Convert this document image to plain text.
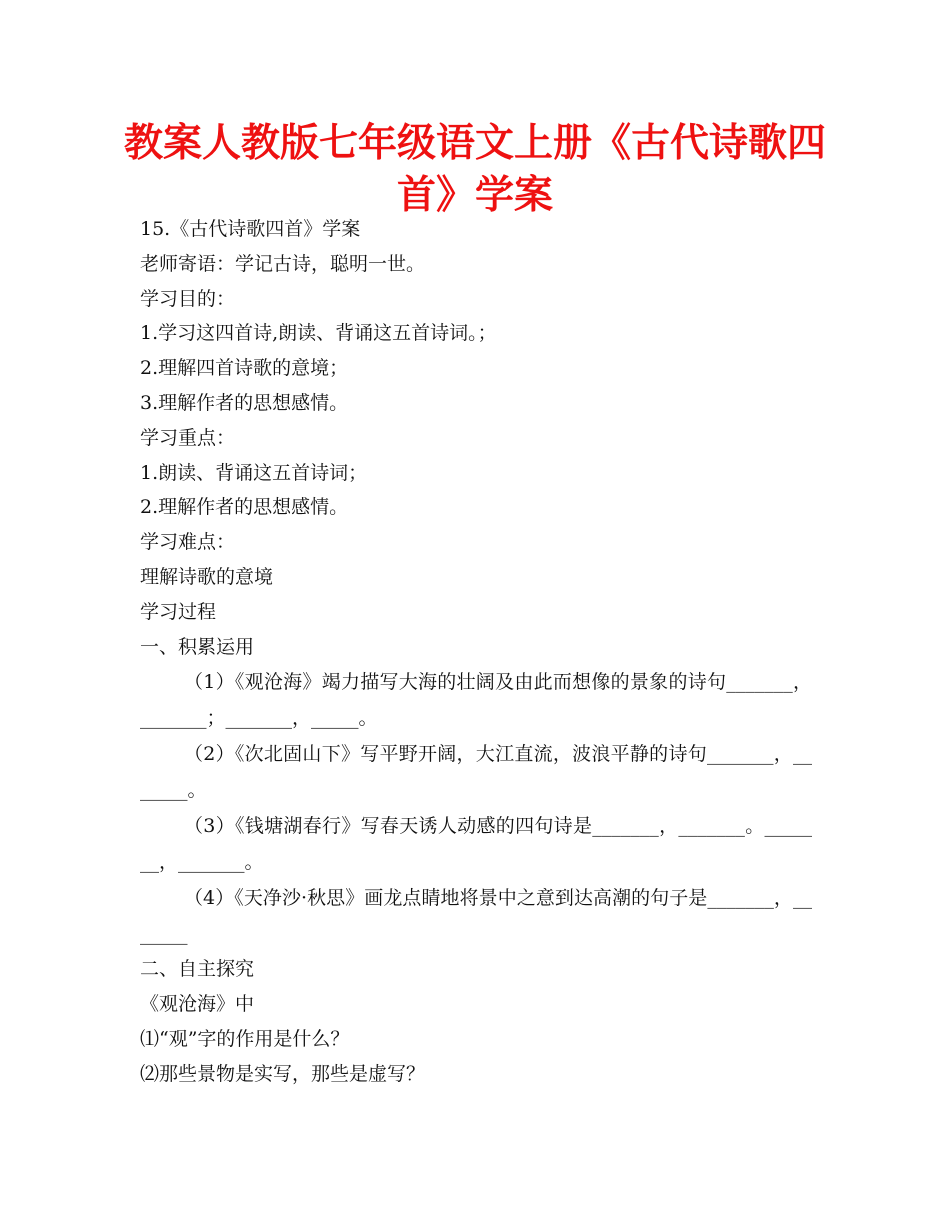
教案人教版七年级语文上册《古代诗歌四首》学案
15.《古代诗歌四首》学案
老师寄语：学记古诗，聪明一世。
学习目的：
1.学习这四首诗,朗读、背诵这五首诗词。；
2.理解四首诗歌的意境；
3.理解作者的思想感情。
学习重点：
1.朗读、背诵这五首诗词；
2.理解作者的思想感情。
学习难点：
理解诗歌的意境
学习过程
一、积累运用

（1）《观沧海》竭力描写大海的壮阔及由此而想像的景象的诗句_______，_______；_______，_____。

（2）《次北固山下》写平野开阔，大江直流，波浪平静的诗句_______，_______。

（3）《钱塘湖春行》写春天诱人动感的四句诗是_______，_______。_______，_______。

（4）《天净沙·秋思》画龙点睛地将景中之意到达高潮的句子是_______，_______

二、自主探究
《观沧海》中
⑴“观”字的作用是什么？
⑵那些景物是实写，那些是虚写？
